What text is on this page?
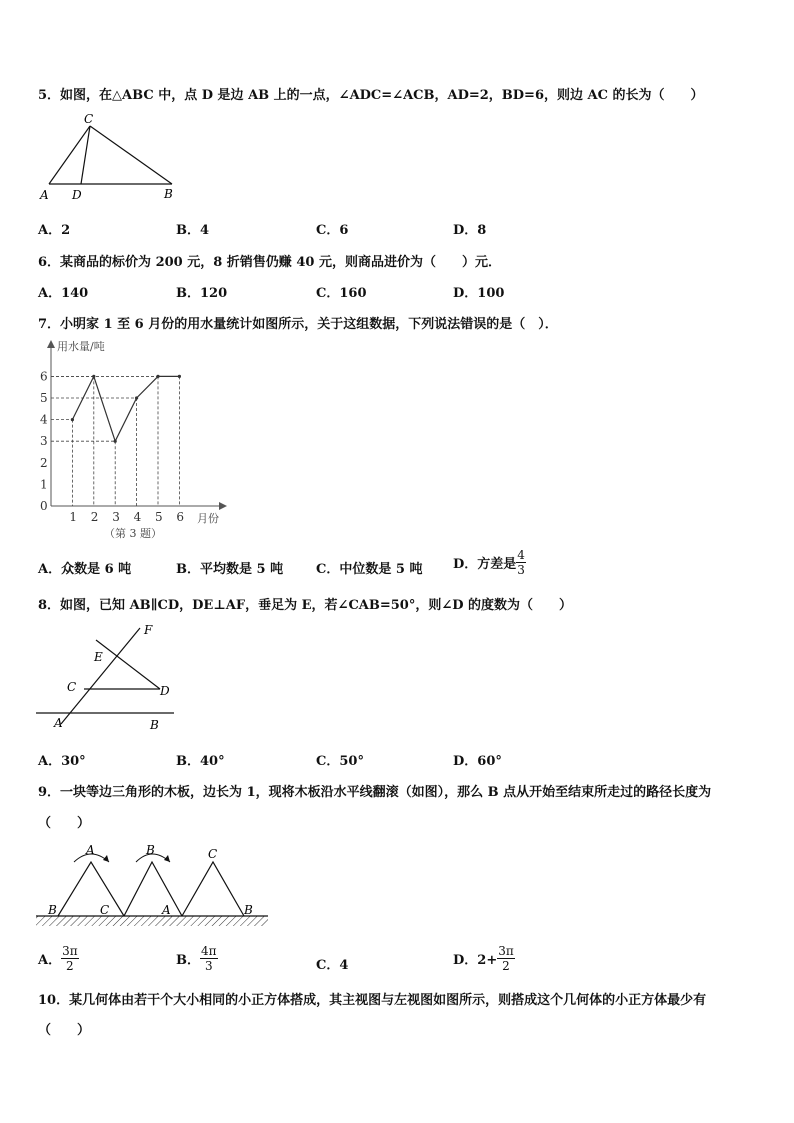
5．如图，在△ABC 中，点 D 是边 AB 上的一点，∠ADC=∠ACB，AD=2，BD=6，则边 AC 的长为（　　）
A D	B
C
A．2	B．4	C．6	D．8
6．某商品的标价为 200 元，8 折销售仍赚 40 元，则商品进价为（　　）元．
A．140	B．120	C．160	D．100
7．小明家 1 至 6 月份的用水量统计如图所示，关于这组数据，下列说法错误的是（　）．
用水量/吨
月份
（第 3 题）
0
1
2
3
4
5
6
1 2 3 4 5 6
A．众数是 6 吨	B．平均数是 5 吨	C．中位数是 5 吨 D．方差是 $\frac{4}{3}$
8．如图，已知 AB∥CD，DE⊥AF，垂足为 E，若∠CAB=50°，则∠D 的度数为（　　）
A	B
C	D
E
F
A．30°	B．40°	C．50°	D．60°
9．一块等边三角形的木板，边长为 1，现将木板沿水平线翻滚（如图），那么 B 点从开始至结束所走过的路径长度为
（　　）
B	C
A
A
B	C
B
A． $\frac{3\pi}{2}$	B． $\frac{4\pi}{3}$	C．4	D．$2+ \frac{3\pi}{2}$
10．某几何体由若干个大小相同的小正方体搭成，其主视图与左视图如图所示，则搭成这个几何体的小正方体最少有
（　　）
